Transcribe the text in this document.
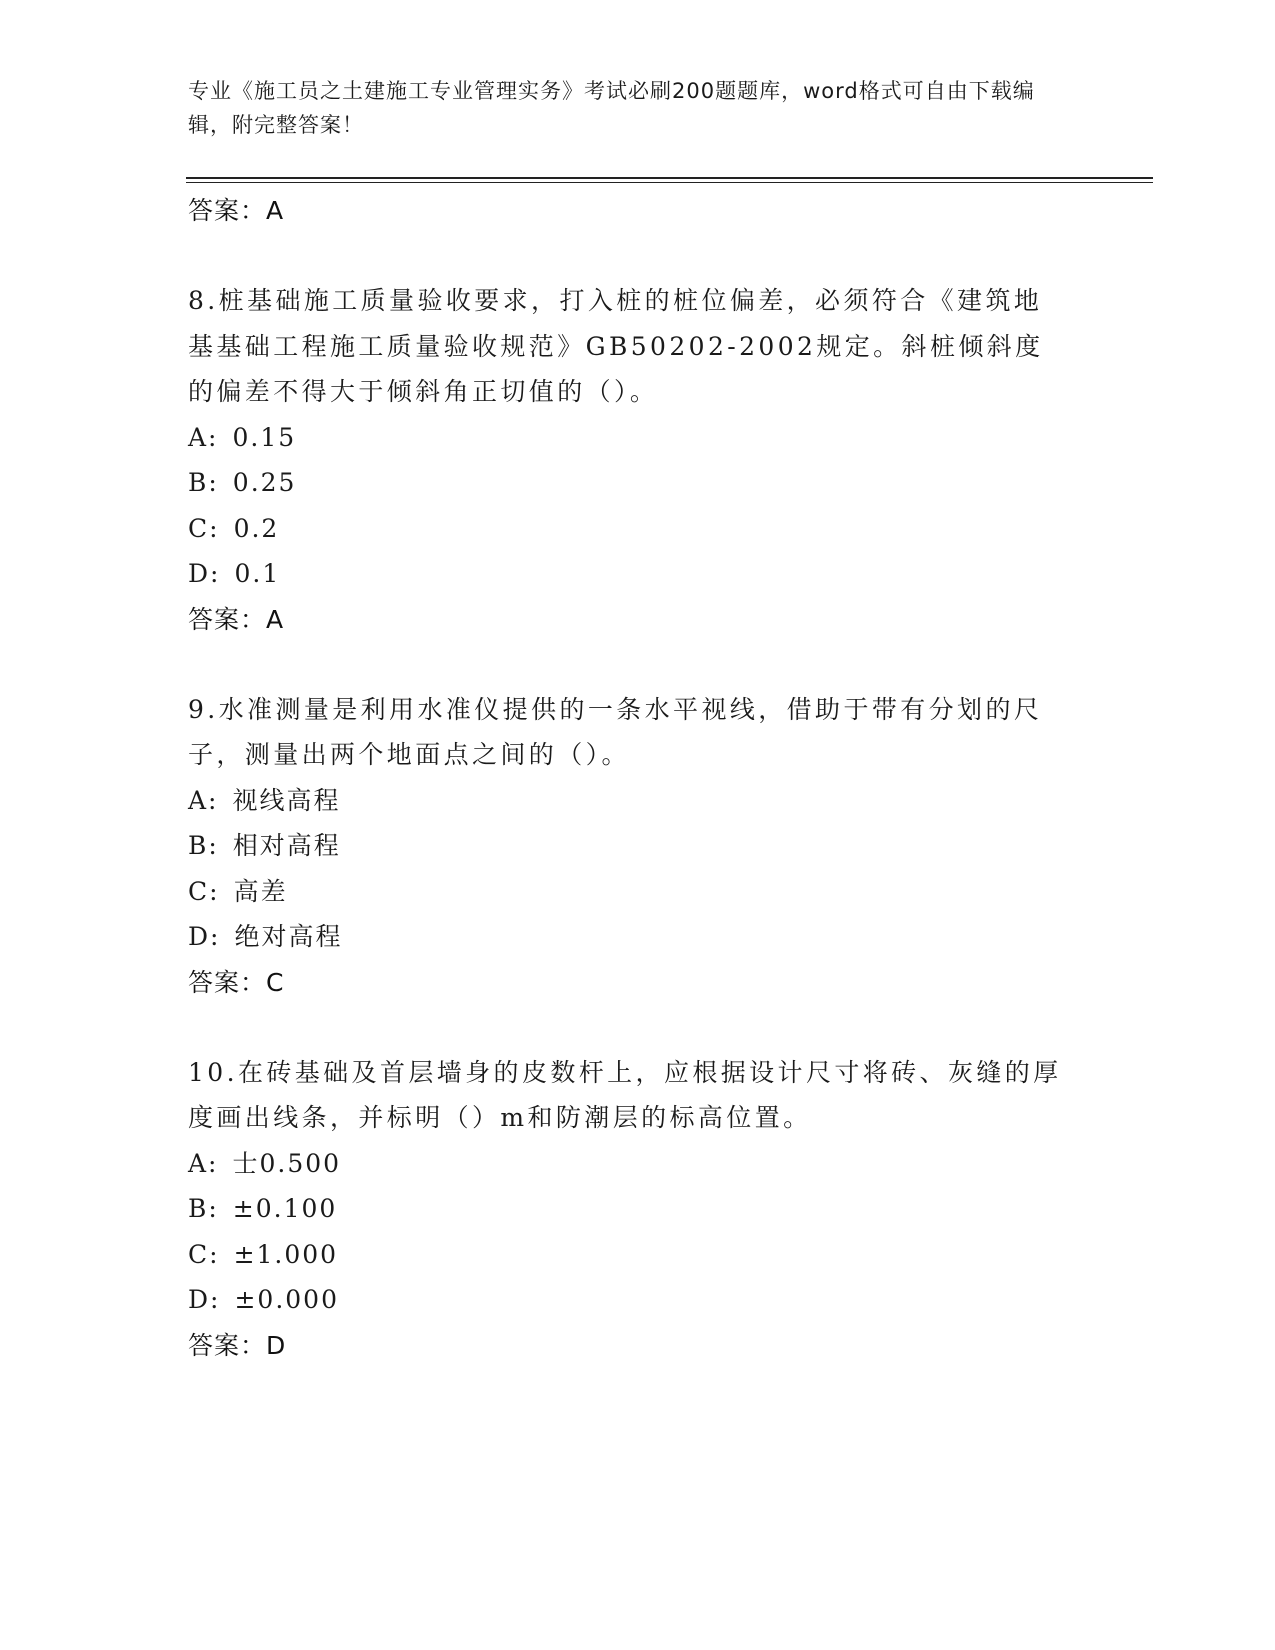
专业《施工员之土建施工专业管理实务》考试必刷200题题库，word格式可自由下载编辑，附完整答案！
答案：A
8.桩基础施工质量验收要求，打入桩的桩位偏差，必须符合《建筑地基基础工程施工质量验收规范》GB50202-2002规定。斜桩倾斜度的偏差不得大于倾斜角正切值的（）。
A: 0.15
B: 0.25
C: 0.2
D: 0.1
答案：A
9.水准测量是利用水准仪提供的一条水平视线，借助于带有分划的尺子，测量出两个地面点之间的（）。
A: 视线高程
B: 相对高程
C: 高差
D: 绝对高程
答案：C
10.在砖基础及首层墙身的皮数杆上，应根据设计尺寸将砖、灰缝的厚度画出线条，并标明（）m和防潮层的标高位置。
A: 士0.500
B: ±0.100
C: ±1.000
D: ±0.000
答案：D
